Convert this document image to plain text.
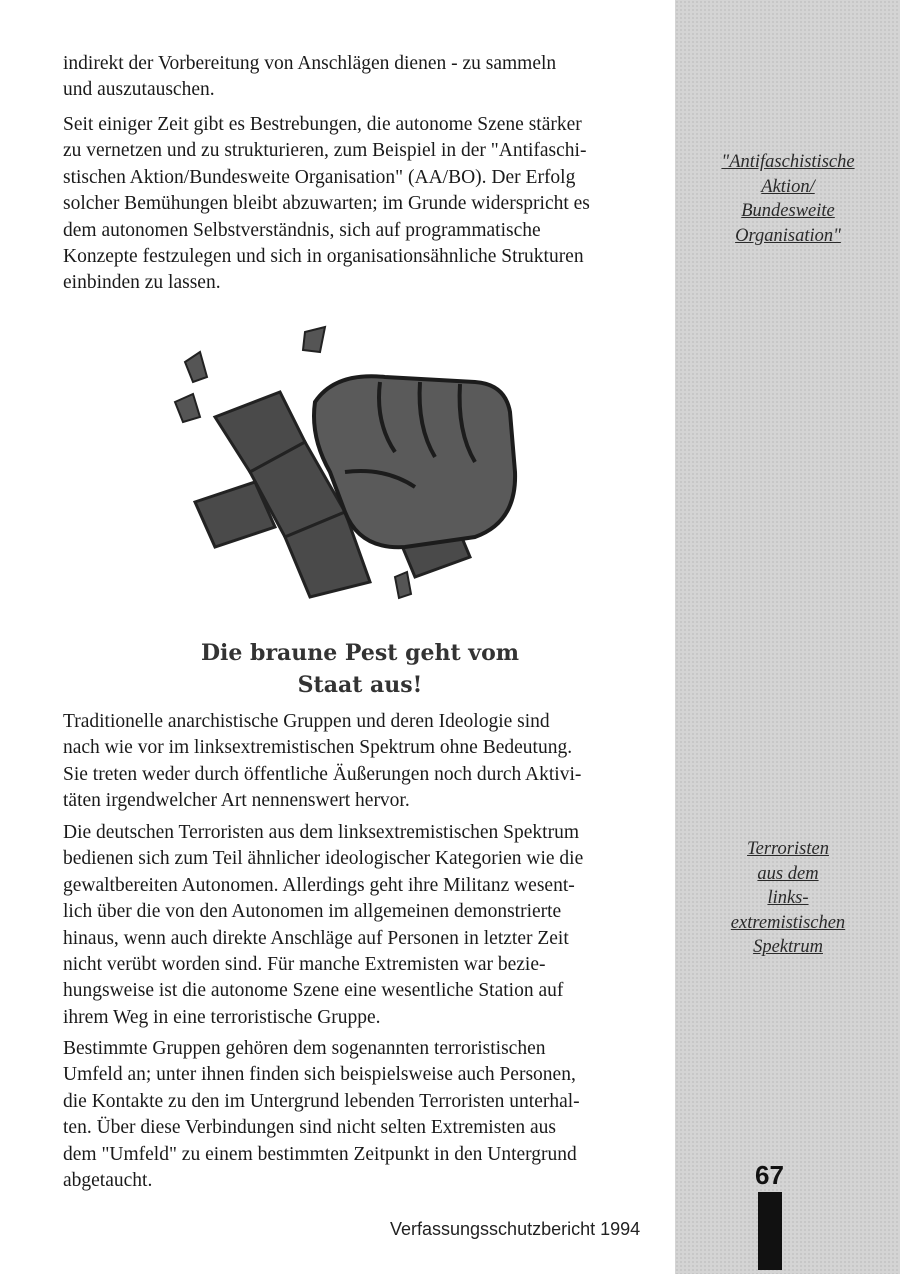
indirekt der Vorbereitung von Anschlägen dienen - zu sammeln
und auszutauschen.

Seit einiger Zeit gibt es Bestrebungen, die autonome Szene stärker
zu vernetzen und zu strukturieren, zum Beispiel in der "Antifaschi-
stischen Aktion/Bundesweite Organisation" (AA/BO). Der Erfolg
solcher Bemühungen bleibt abzuwarten; im Grunde widerspricht es
dem autonomen Selbstverständnis, sich auf programmatische
Konzepte festzulegen und sich in organisationsähnliche Strukturen
einbinden zu lassen.

"Antifaschistische
Aktion/
Bundesweite
Organisation"
Die braune Pest geht vom
Staat aus!

Traditionelle anarchistische Gruppen und deren Ideologie sind
nach wie vor im linksextremistischen Spektrum ohne Bedeutung.
Sie treten weder durch öffentliche Äußerungen noch durch Aktivi-
täten irgendwelcher Art nennenswert hervor.

Die deutschen Terroristen aus dem linksextremistischen Spektrum
bedienen sich zum Teil ähnlicher ideologischer Kategorien wie die
gewaltbereiten Autonomen. Allerdings geht ihre Militanz wesent-
lich über die von den Autonomen im allgemeinen demonstrierte
hinaus, wenn auch direkte Anschläge auf Personen in letzter Zeit
nicht verübt worden sind. Für manche Extremisten war bezie-
hungsweise ist die autonome Szene eine wesentliche Station auf
ihrem Weg in eine terroristische Gruppe.

Terroristen
aus dem
links-
extremistischen
Spektrum

Bestimmte Gruppen gehören dem sogenannten terroristischen
Umfeld an; unter ihnen finden sich beispielsweise auch Personen,
die Kontakte zu den im Untergrund lebenden Terroristen unterhal-
ten. Über diese Verbindungen sind nicht selten Extremisten aus
dem "Umfeld" zu einem bestimmten Zeitpunkt in den Untergrund
abgetaucht.	67
Verfassungsschutzbericht 1994
